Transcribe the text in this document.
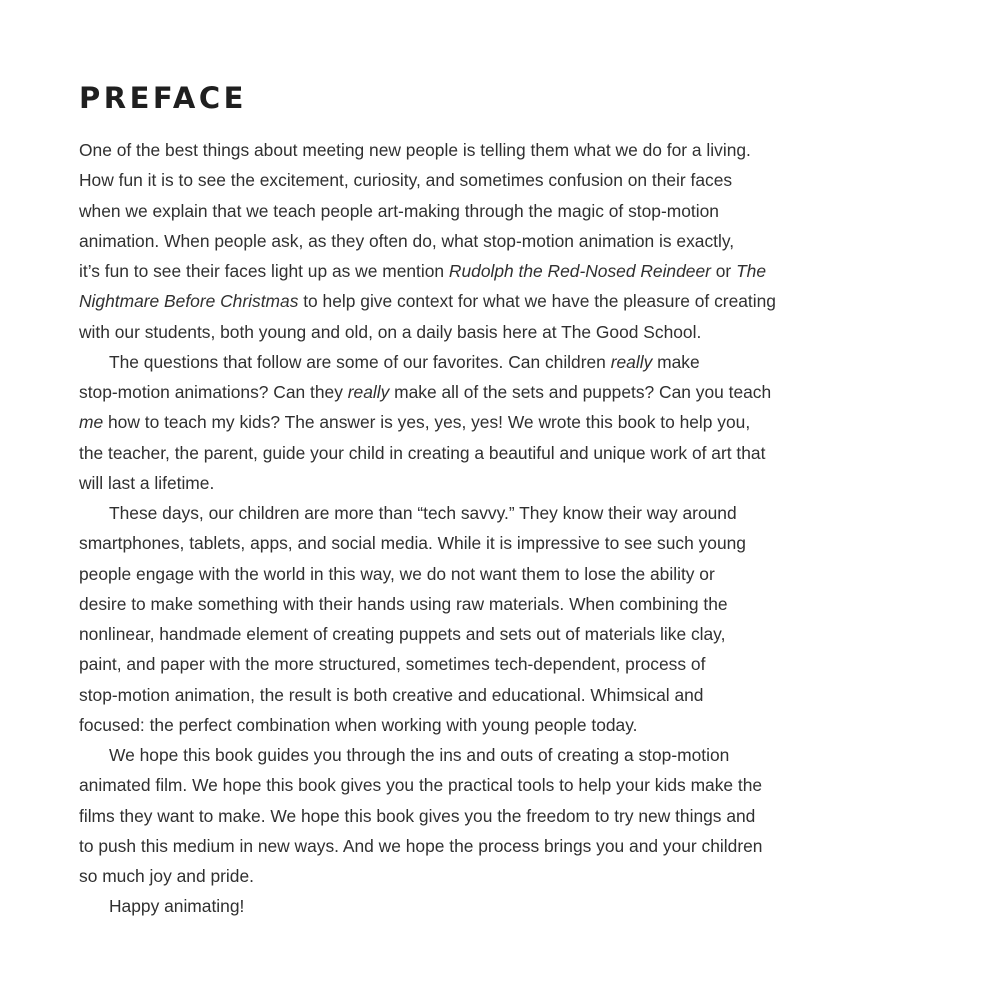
PREFACE
One of the best things about meeting new people is telling them what we do for a living.
How fun it is to see the excitement, curiosity, and sometimes confusion on their faces
when we explain that we teach people art-making through the magic of stop-motion
animation. When people ask, as they often do, what stop-motion animation is exactly,
it’s fun to see their faces light up as we mention Rudolph the Red-Nosed Reindeer or The
Nightmare Before Christmas to help give context for what we have the pleasure of creating
with our students, both young and old, on a daily basis here at The Good School.
The questions that follow are some of our favorites. Can children really make
stop-motion animations? Can they really make all of the sets and puppets? Can you teach
me how to teach my kids? The answer is yes, yes, yes! We wrote this book to help you,
the teacher, the parent, guide your child in creating a beautiful and unique work of art that
will last a lifetime.
These days, our children are more than “tech savvy.” They know their way around
smartphones, tablets, apps, and social media. While it is impressive to see such young
people engage with the world in this way, we do not want them to lose the ability or
desire to make something with their hands using raw materials. When combining the
nonlinear, handmade element of creating puppets and sets out of materials like clay,
paint, and paper with the more structured, sometimes tech-dependent, process of
stop-motion animation, the result is both creative and educational. Whimsical and
focused: the perfect combination when working with young people today.
We hope this book guides you through the ins and outs of creating a stop-motion
animated film. We hope this book gives you the practical tools to help your kids make the
films they want to make. We hope this book gives you the freedom to try new things and
to push this medium in new ways. And we hope the process brings you and your children
so much joy and pride.
Happy animating!
